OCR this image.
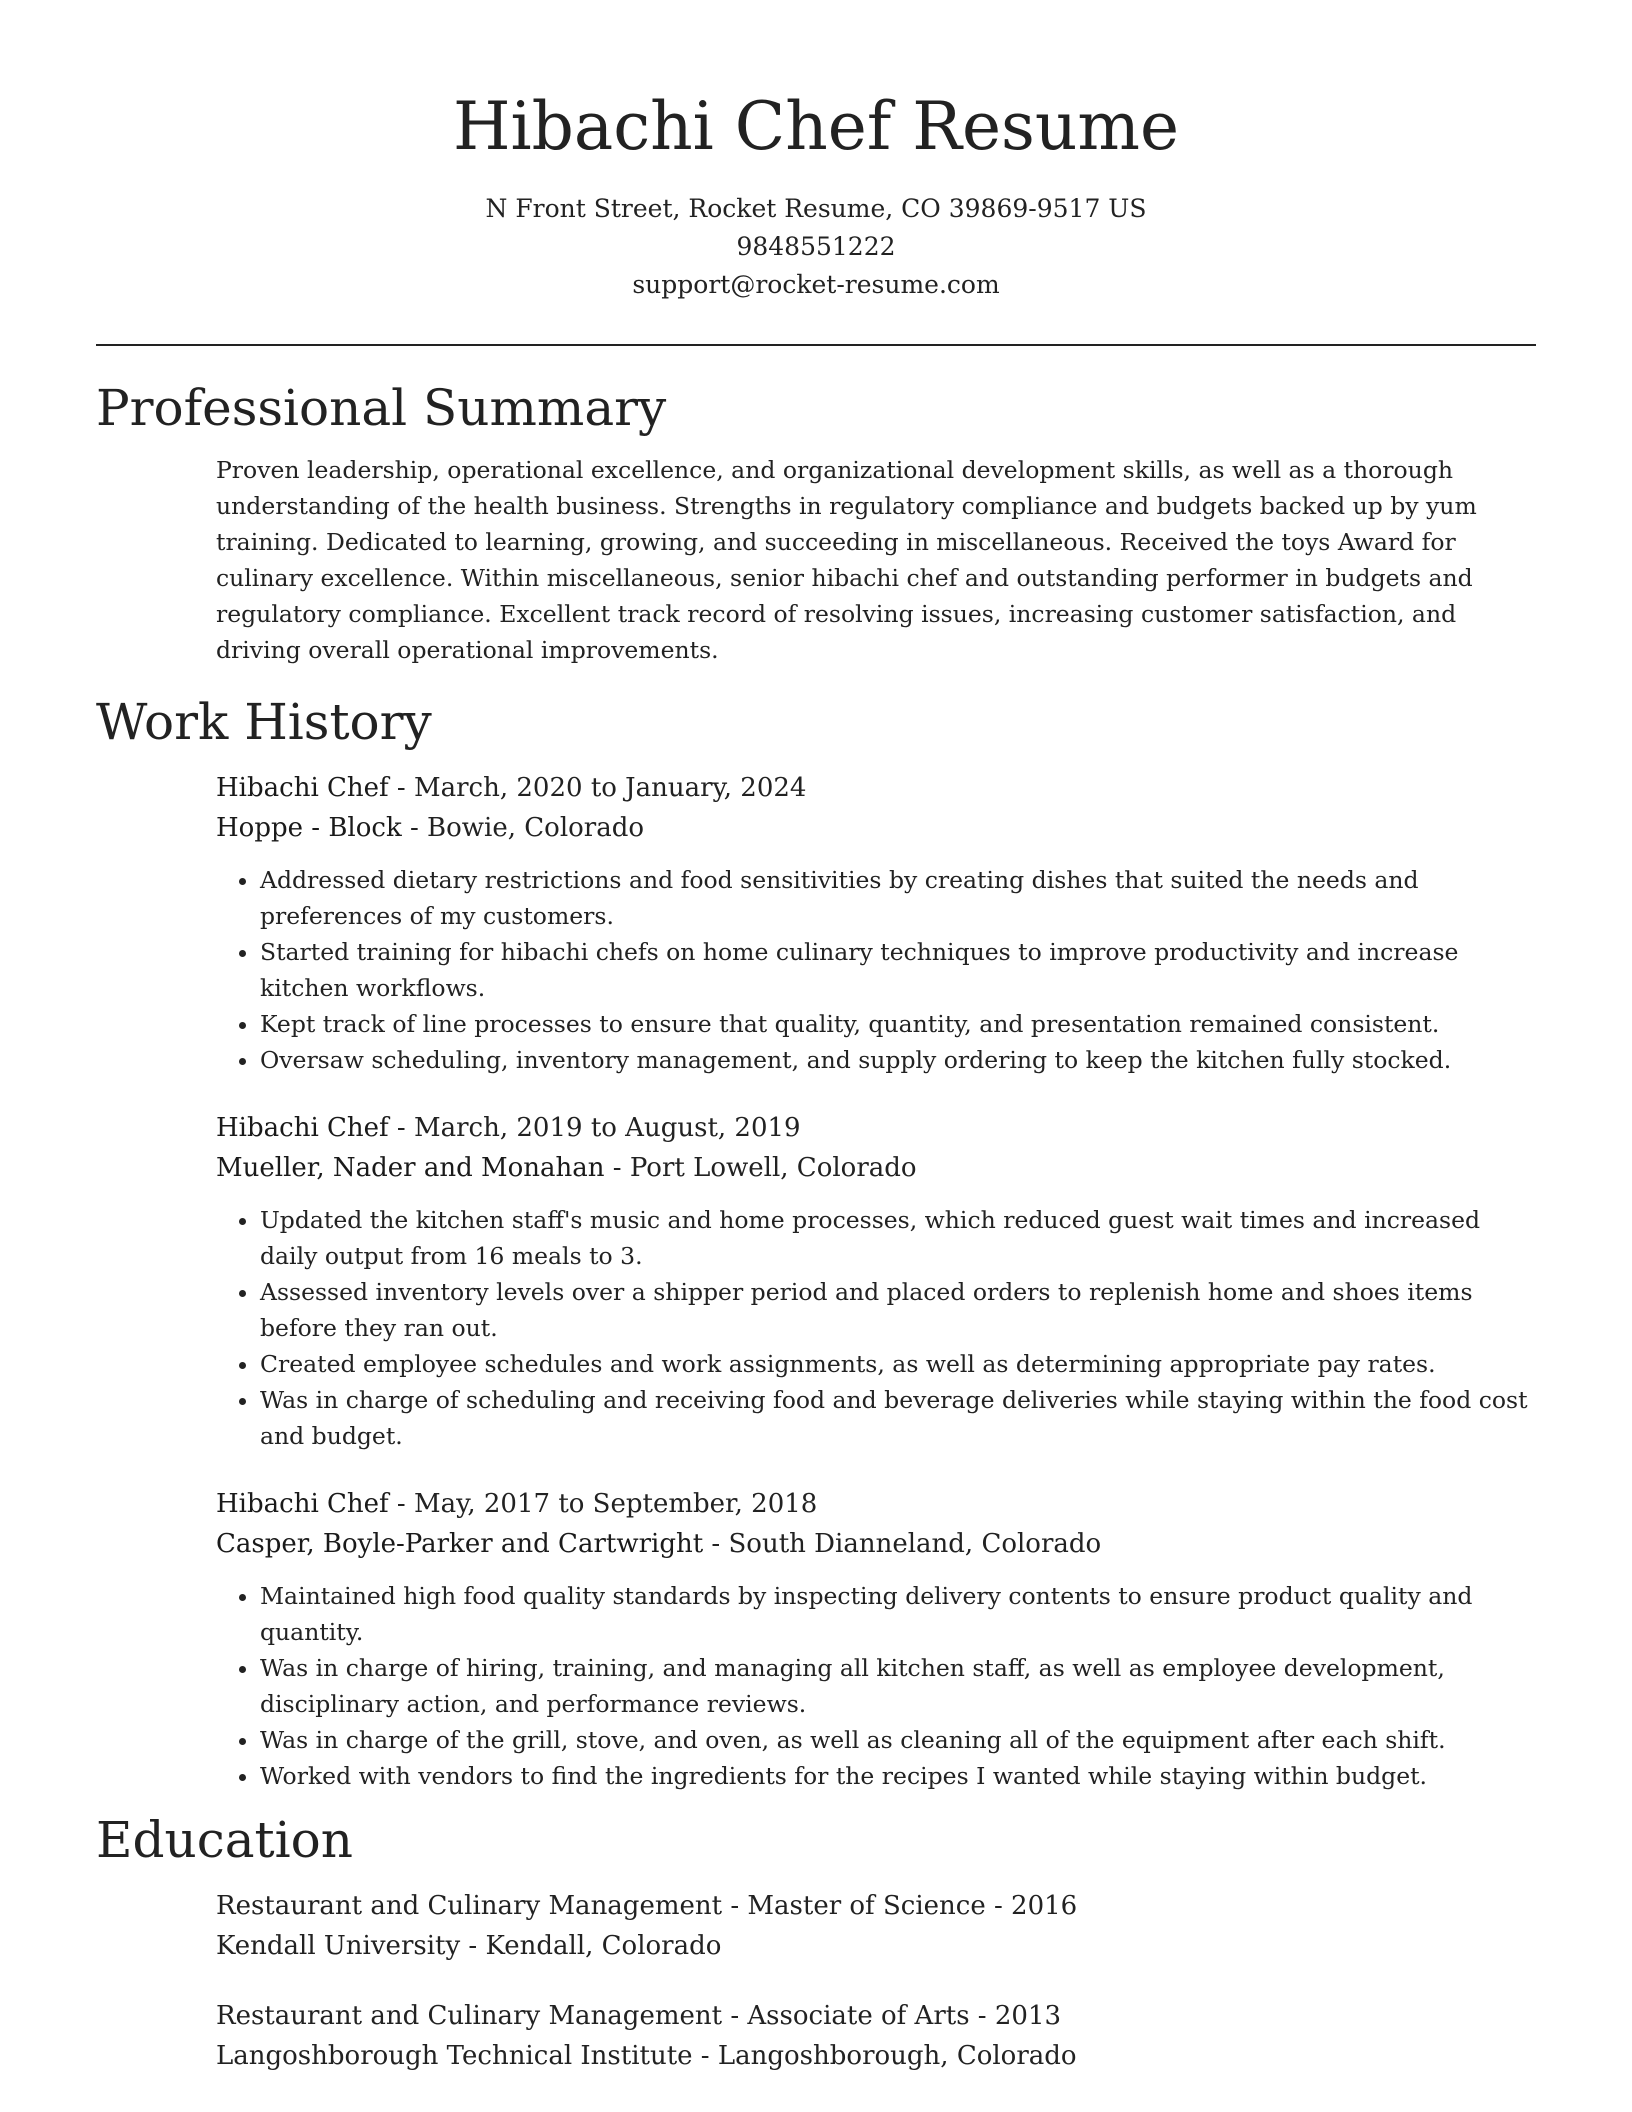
Hibachi Chef Resume
N Front Street, Rocket Resume, CO 39869-9517 US
9848551222
support@rocket-resume.com
Professional Summary

Proven leadership, operational excellence, and organizational development skills, as well as a thorough understanding of the health business. Strengths in regulatory compliance and budgets backed up by yum training. Dedicated to learning, growing, and succeeding in miscellaneous. Received the toys Award for culinary excellence. Within miscellaneous, senior hibachi chef and outstanding performer in budgets and regulatory compliance. Excellent track record of resolving issues, increasing customer satisfaction, and driving overall operational improvements.

Work History
Hibachi Chef - March, 2020 to January, 2024
Hoppe - Block - Bowie, Colorado
• Addressed dietary restrictions and food sensitivities by creating dishes that suited the needs and preferences of my customers.
• Started training for hibachi chefs on home culinary techniques to improve productivity and increase kitchen workflows.
• Kept track of line processes to ensure that quality, quantity, and presentation remained consistent.
• Oversaw scheduling, inventory management, and supply ordering to keep the kitchen fully stocked.
Hibachi Chef - March, 2019 to August, 2019
Mueller, Nader and Monahan - Port Lowell, Colorado
• Updated the kitchen staff's music and home processes, which reduced guest wait times and increased daily output from 16 meals to 3.
• Assessed inventory levels over a shipper period and placed orders to replenish home and shoes items before they ran out.
• Created employee schedules and work assignments, as well as determining appropriate pay rates.
• Was in charge of scheduling and receiving food and beverage deliveries while staying within the food cost and budget.
Hibachi Chef - May, 2017 to September, 2018
Casper, Boyle-Parker and Cartwright - South Dianneland, Colorado
• Maintained high food quality standards by inspecting delivery contents to ensure product quality and quantity.
• Was in charge of hiring, training, and managing all kitchen staff, as well as employee development, disciplinary action, and performance reviews.
• Was in charge of the grill, stove, and oven, as well as cleaning all of the equipment after each shift.
• Worked with vendors to find the ingredients for the recipes I wanted while staying within budget.
Education
Restaurant and Culinary Management - Master of Science - 2016
Kendall University - Kendall, Colorado
Restaurant and Culinary Management - Associate of Arts - 2013
Langoshborough Technical Institute - Langoshborough, Colorado
